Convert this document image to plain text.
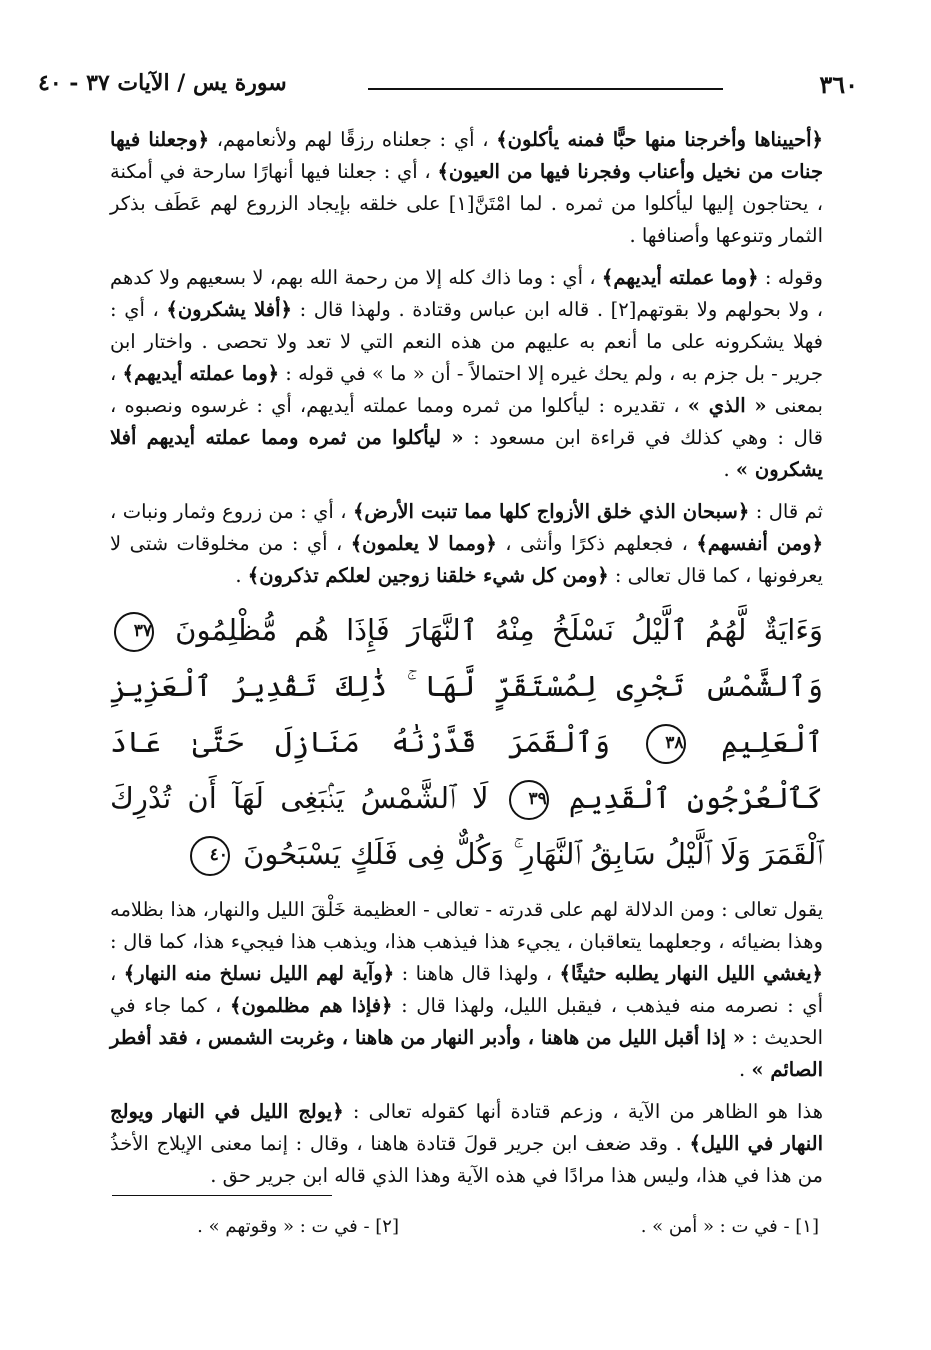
٣٦٠
سورة يس / الآيات ٣٧ - ٤٠

﴿أحييناها وأخرجنا منها حبًّا فمنه يأكلون﴾ ، أي : جعلناه رزقًا لهم ولأنعامهم، ﴿وجعلنا فيها جنات من نخيل وأعناب وفجرنا فيها من العيون﴾ ، أي : جعلنا فيها أنهارًا سارحة في أمكنة ، يحتاجون إليها ليأكلوا من ثمره . لما امْتَنَّ[١] على خلقه بإيجاد الزروع لهم عَطَف بذكر الثمار وتنوعها وأصنافها .

وقوله : ﴿وما عملته أيديهم﴾ ، أي : وما ذاك كله إلا من رحمة الله بهم، لا بسعيهم ولا كدهم ، ولا بحولهم ولا بقوتهم[٢] . قاله ابن عباس وقتادة . ولهذا قال : ﴿أفلا يشكرون﴾ ، أي : فهلا يشكرونه على ما أنعم به عليهم من هذه النعم التي لا تعد ولا تحصى . واختار ابن جرير - بل جزم به ، ولم يحك غيره إلا احتمالاً - أن « ما » في قوله : ﴿وما عملته أيديهم﴾ ، بمعنى « الذي » ، تقديره : ليأكلوا من ثمره ومما عملته أيديهم، أي : غرسوه ونصبوه ، قال : وهي كذلك في قراءة ابن مسعود : « ليأكلوا من ثمره ومما عملته أيديهم أفلا يشكرون » .

ثم قال : ﴿سبحان الذي خلق الأزواج كلها مما تنبت الأرض﴾ ، أي : من زروع وثمار ونبات ، ﴿ومن أنفسهم﴾ ، فجعلهم ذكرًا وأنثى ، ﴿ومما لا يعلمون﴾ ، أي : من مخلوقات شتى لا يعرفونها ، كما قال تعالى : ﴿ومن كل شيء خلقنا زوجين لعلكم تذكرون﴾ .

وَءَايَةٌ لَّهُمُ ٱلَّيْلُ نَسْلَخُ مِنْهُ ٱلنَّهَارَ فَإِذَا هُم مُّظْلِمُونَ ٣٧ وَٱلشَّمْسُ تَجْرِى لِمُسْتَقَرٍّ لَّهَا ۚ ذَٰلِكَ تَقْدِيرُ ٱلْعَزِيزِ ٱلْعَلِيمِ ٣٨ وَٱلْقَمَرَ قَدَّرْنَٰهُ مَنَازِلَ حَتَّىٰ عَادَ كَٱلْعُرْجُونِ ٱلْقَدِيمِ ٣٩ لَا ٱلشَّمْسُ يَنۢبَغِى لَهَآ أَن تُدْرِكَ ٱلْقَمَرَ وَلَا ٱلَّيْلُ سَابِقُ ٱلنَّهَارِ ۚ وَكُلٌّ فِى فَلَكٍ يَسْبَحُونَ ٤٠

يقول تعالى : ومن الدلالة لهم على قدرته - تعالى - العظيمة خَلْقَ الليل والنهار، هذا بظلامه وهذا بضيائه ، وجعلهما يتعاقبان ، يجيء هذا فيذهب هذا، ويذهب هذا فيجيء هذا، كما قال : ﴿يغشي الليل النهار يطلبه حثيثًا﴾ ، ولهذا قال هاهنا : ﴿وآية لهم الليل نسلخ منه النهار﴾ ، أي : نصرمه منه فيذهب ، فيقبل الليل، ولهذا قال : ﴿فإذا هم مظلمون﴾ ، كما جاء في الحديث : « إذا أقبل الليل من هاهنا ، وأدبر النهار من هاهنا ، وغربت الشمس ، فقد أفطر الصائم » .

هذا هو الظاهر من الآية ، وزعم قتادة أنها كقوله تعالى : ﴿يولج الليل في النهار ويولج النهار في الليل﴾ . وقد ضعف ابن جرير قولَ قتادة هاهنا ، وقال : إنما معنى الإيلاج الأخذُ من هذا في هذا، وليس هذا مرادًا في هذه الآية وهذا الذي قاله ابن جرير حق .

[١] - في ت : « أمن » .
[٢] - في ت : « وقوتهم » .
